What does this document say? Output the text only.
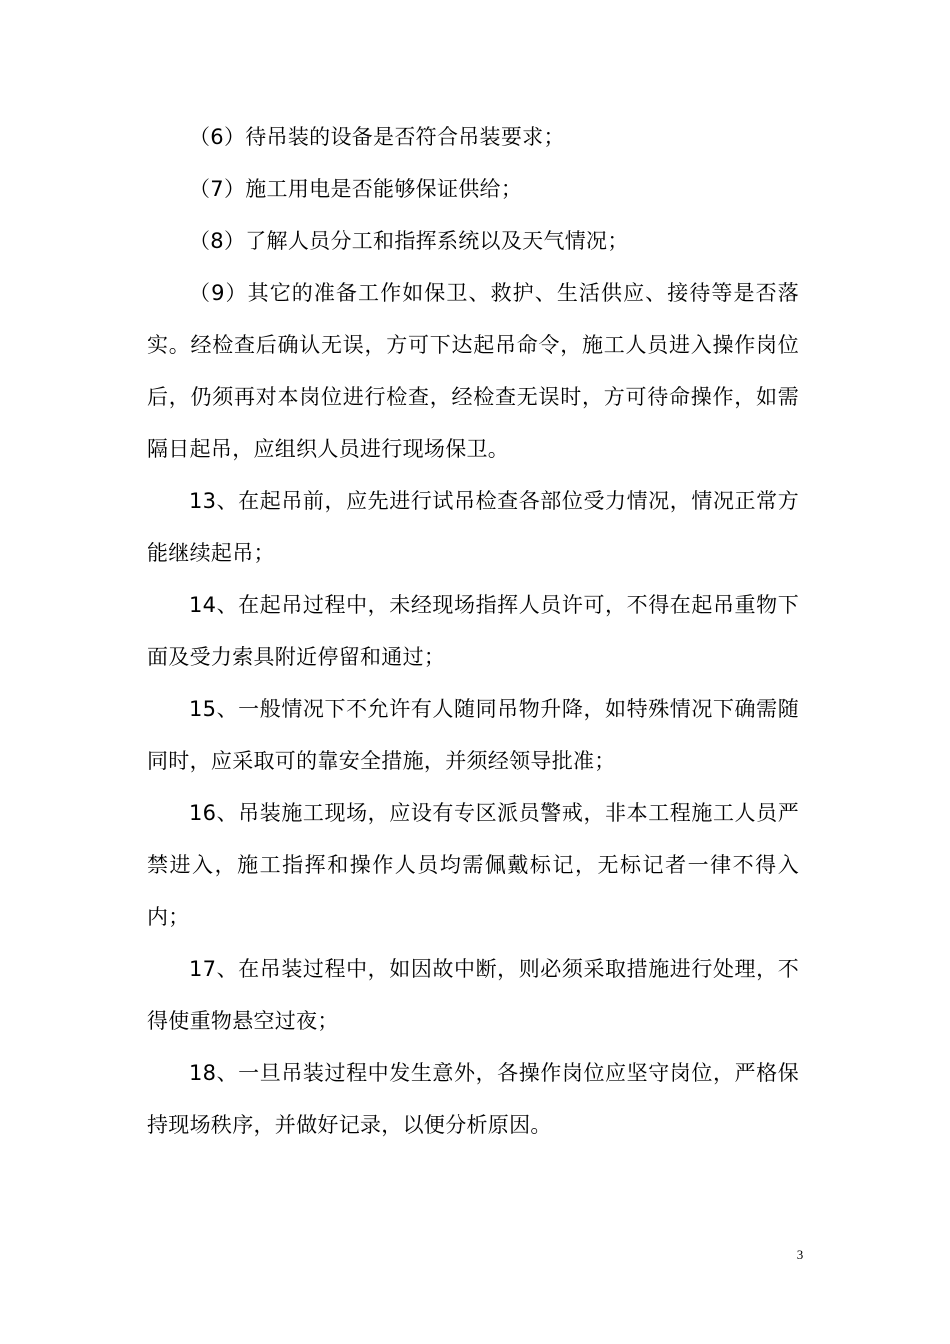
（6）待吊装的设备是否符合吊装要求；

（7）施工用电是否能够保证供给；

（8）了解人员分工和指挥系统以及天气情况；

（9）其它的准备工作如保卫、救护、生活供应、接待等是否落实。经检查后确认无误，方可下达起吊命令，施工人员进入操作岗位后，仍须再对本岗位进行检查，经检查无误时，方可待命操作，如需隔日起吊，应组织人员进行现场保卫。

13、在起吊前，应先进行试吊检查各部位受力情况，情况正常方能继续起吊；

14、在起吊过程中，未经现场指挥人员许可，不得在起吊重物下面及受力索具附近停留和通过；

15、一般情况下不允许有人随同吊物升降，如特殊情况下确需随同时，应采取可的靠安全措施，并须经领导批准；

16、吊装施工现场，应设有专区派员警戒，非本工程施工人员严禁进入，施工指挥和操作人员均需佩戴标记，无标记者一律不得入内；

17、在吊装过程中，如因故中断，则必须采取措施进行处理，不得使重物悬空过夜；

18、一旦吊装过程中发生意外，各操作岗位应坚守岗位，严格保持现场秩序，并做好记录，以便分析原因。

3
